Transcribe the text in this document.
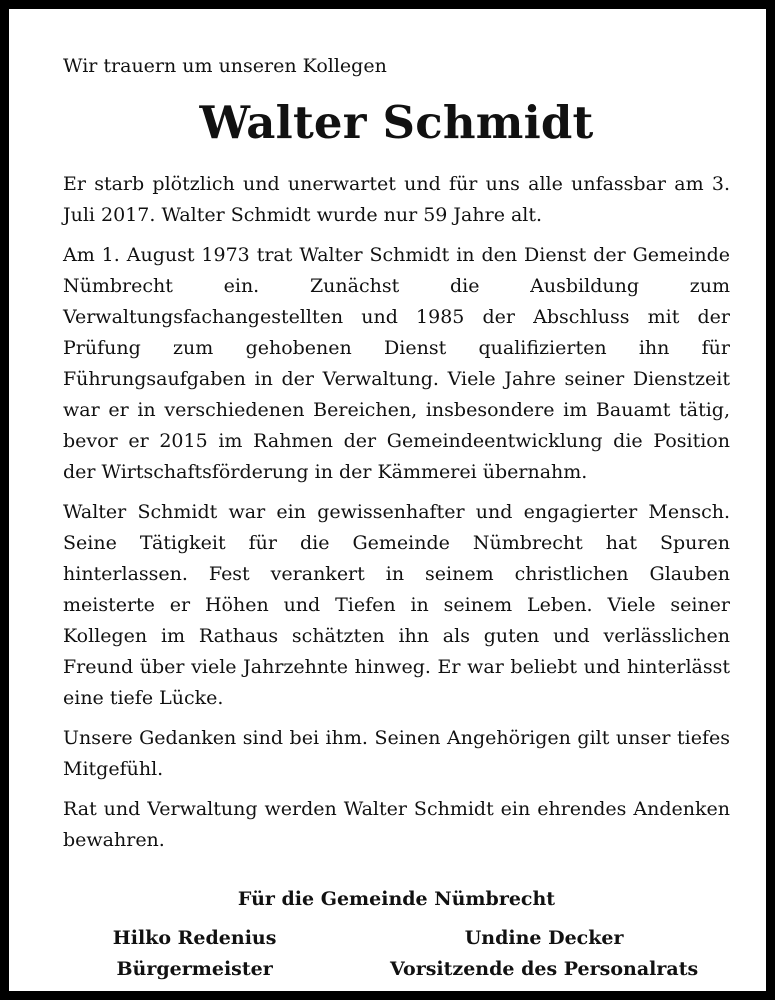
Wir trauern um unseren Kollegen

Walter Schmidt

Er starb plötzlich und unerwartet und für uns alle unfassbar am 3. Juli 2017. Walter Schmidt wurde nur 59 Jahre alt.

Am 1. August 1973 trat Walter Schmidt in den Dienst der Gemeinde Nümbrecht ein. Zunächst die Ausbildung zum Verwaltungsfachangestellten und 1985 der Abschluss mit der Prüfung zum gehobenen Dienst qualifizierten ihn für Führungsaufgaben in der Verwaltung. Viele Jahre seiner Dienstzeit war er in verschiedenen Bereichen, insbesondere im Bauamt tätig, bevor er 2015 im Rahmen der Gemeindeentwicklung die Position der Wirtschaftsförderung in der Kämmerei übernahm.

Walter Schmidt war ein gewissenhafter und engagierter Mensch. Seine Tätigkeit für die Gemeinde Nümbrecht hat Spuren hinterlassen. Fest verankert in seinem christlichen Glauben meisterte er Höhen und Tiefen in seinem Leben. Viele seiner Kollegen im Rathaus schätzten ihn als guten und verlässlichen Freund über viele Jahrzehnte hinweg. Er war beliebt und hinterlässt eine tiefe Lücke.

Unsere Gedanken sind bei ihm. Seinen Angehörigen gilt unser tiefes Mitgefühl.

Rat und Verwaltung werden Walter Schmidt ein ehrendes Andenken bewahren.

Für die Gemeinde Nümbrecht
Hilko Redenius
Bürgermeister
Undine Decker
Vorsitzende des Personalrats
